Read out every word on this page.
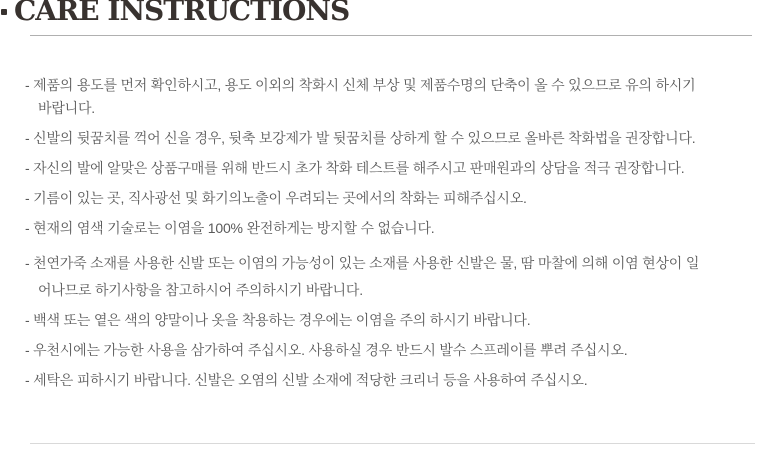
CARE INSTRUCTIONS
- 제품의 용도를 먼저 확인하시고, 용도 이외의 착화시 신체 부상 및 제품수명의 단축이 올 수 있으므로 유의 하시기
바랍니다.
- 신발의 뒷꿈치를 꺽어 신을 경우, 뒷축 보강제가 발 뒷꿈치를 상하게 할 수 있으므로 올바른 착화법을 권장합니다.
- 자신의 발에 알맞은 상품구매를 위해 반드시 초가 착화 테스트를 해주시고 판매원과의 상담을 적극 권장합니다.
- 기름이 있는 곳, 직사광선 및 화기의노출이 우려되는 곳에서의 착화는 피해주십시오.
- 현재의 염색 기술로는 이염을 100% 완전하게는 방지할 수 없습니다.
- 천연가죽 소재를 사용한 신발 또는 이염의 가능성이 있는 소재를 사용한 신발은 물, 땀 마찰에 의해 이염 현상이 일
어나므로 하기사항을 참고하시어 주의하시기 바랍니다.
- 백색 또는 옅은 색의 양말이나 옷을 착용하는 경우에는 이염을 주의 하시기 바랍니다.
- 우천시에는 가능한 사용을 삼가하여 주십시오. 사용하실 경우 반드시 발수 스프레이를 뿌려 주십시오.
- 세탁은 피하시기 바랍니다. 신발은 오염의 신발 소재에 적당한 크리너 등을 사용하여 주십시오.
